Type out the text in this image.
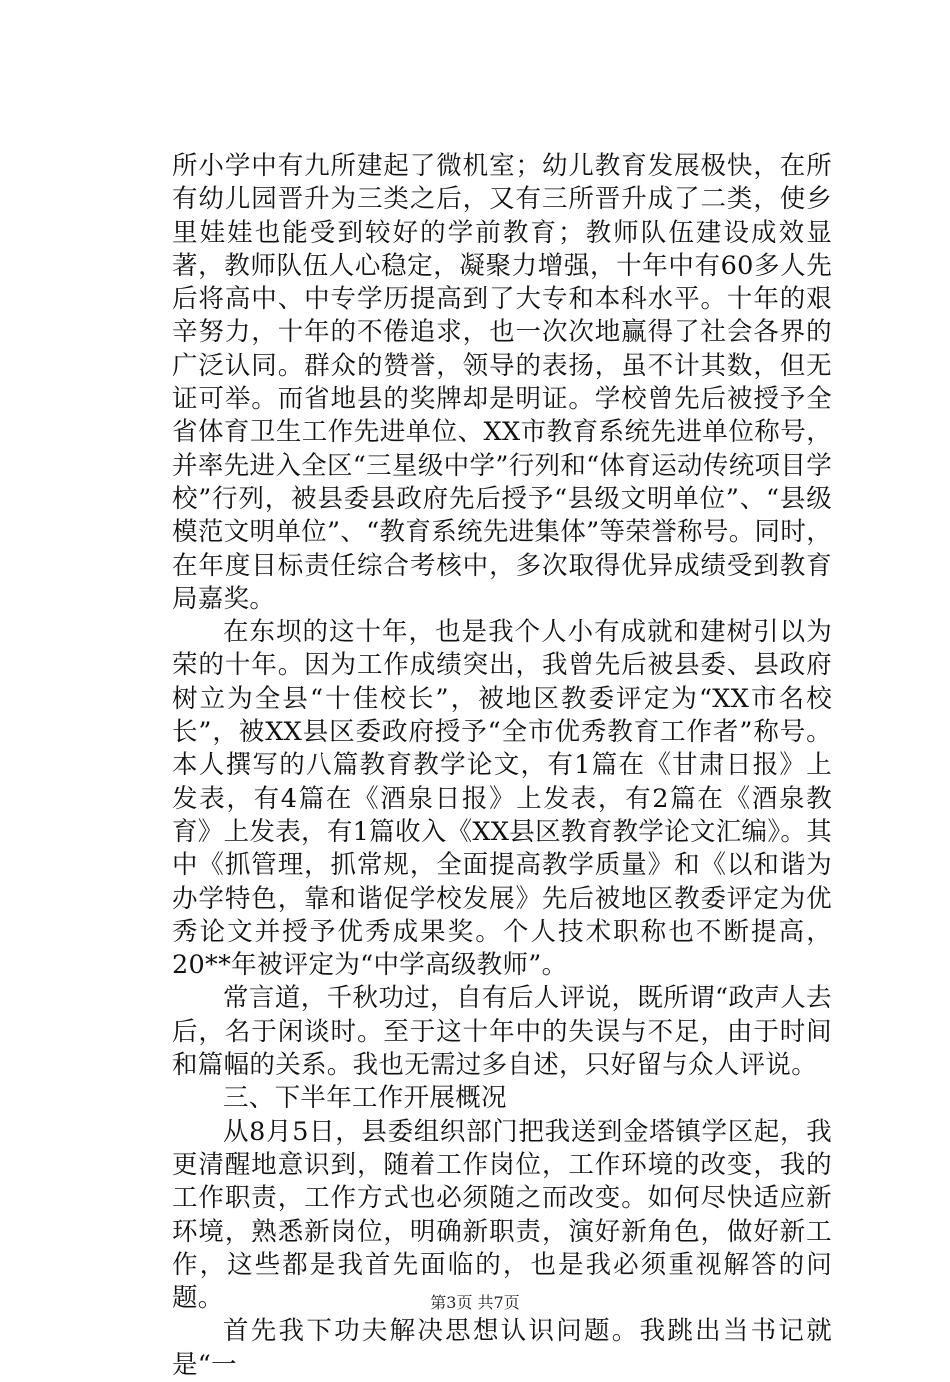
所小学中有九所建起了微机室；幼儿教育发展极快，在所有幼儿园晋升为三类之后，又有三所晋升成了二类，使乡里娃娃也能受到较好的学前教育；教师队伍建设成效显著，教师队伍人心稳定，凝聚力增强，十年中有60多人先后将高中、中专学历提高到了大专和本科水平。十年的艰辛努力，十年的不倦追求，也一次次地赢得了社会各界的广泛认同。群众的赞誉，领导的表扬，虽不计其数，但无证可举。而省地县的奖牌却是明证。学校曾先后被授予全省体育卫生工作先进单位、XX市教育系统先进单位称号，并率先进入全区“三星级中学”行列和“体育运动传统项目学校”行列，被县委县政府先后授予“县级文明单位”、“县级模范文明单位”、“教育系统先进集体”等荣誉称号。同时，在年度目标责任综合考核中，多次取得优异成绩受到教育局嘉奖。

在东坝的这十年，也是我个人小有成就和建树引以为荣的十年。因为工作成绩突出，我曾先后被县委、县政府树立为全县“十佳校长”，被地区教委评定为“XX市名校长”，被XX县区委政府授予“全市优秀教育工作者”称号。本人撰写的八篇教育教学论文，有1篇在《甘肃日报》上发表，有4篇在《酒泉日报》上发表，有2篇在《酒泉教育》上发表，有1篇收入《XX县区教育教学论文汇编》。其中《抓管理，抓常规，全面提高教学质量》和《以和谐为办学特色，靠和谐促学校发展》先后被地区教委评定为优秀论文并授予优秀成果奖。个人技术职称也不断提高，20**年被评定为“中学高级教师”。

常言道，千秋功过，自有后人评说，既所谓“政声人去后，名于闲谈时。至于这十年中的失误与不足，由于时间和篇幅的关系。我也无需过多自述，只好留与众人评说。

三、下半年工作开展概况

从8月5日，县委组织部门把我送到金塔镇学区起，我更清醒地意识到，随着工作岗位，工作环境的改变，我的工作职责，工作方式也必须随之而改变。如何尽快适应新环境，熟悉新岗位，明确新职责，演好新角色，做好新工作，这些都是我首先面临的，也是我必须重视解答的问题。

首先我下功夫解决思想认识问题。我跳出当书记就是“一

第3页 共7页
